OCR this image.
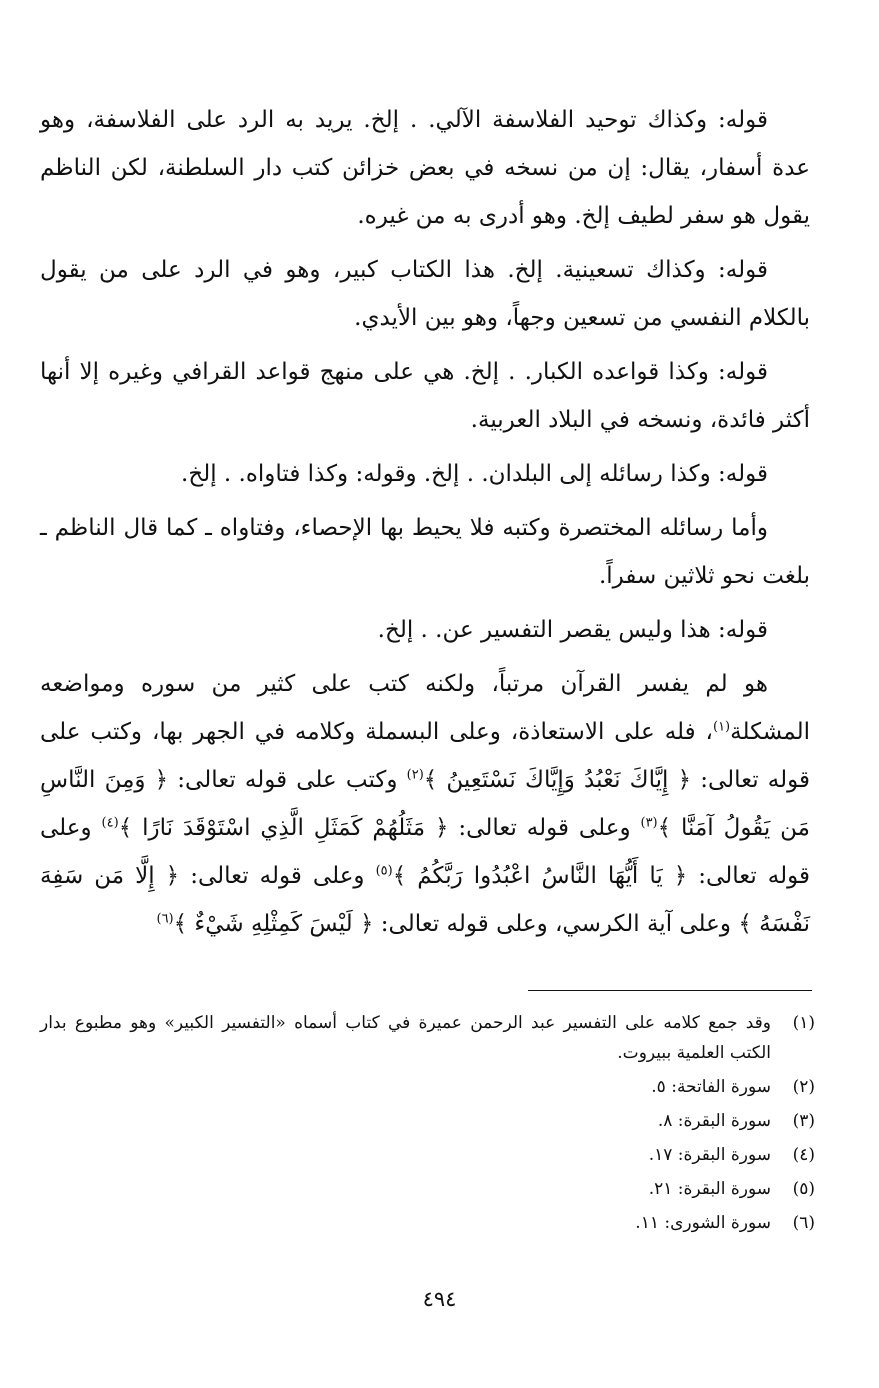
قوله: وكذاك توحيد الفلاسفة الآلي. . إلخ. يريد به الرد على الفلاسفة، وهو عدة أسفار، يقال: إن من نسخه في بعض خزائن كتب دار السلطنة، لكن الناظم يقول هو سفر لطيف إلخ. وهو أدرى به من غيره.

قوله: وكذاك تسعينية. إلخ. هذا الكتاب كبير، وهو في الرد على من يقول بالكلام النفسي من تسعين وجهاً، وهو بين الأيدي.

قوله: وكذا قواعده الكبار. . إلخ. هي على منهج قواعد القرافي وغيره إلا أنها أكثر فائدة، ونسخه في البلاد العربية.

قوله: وكذا رسائله إلى البلدان. . إلخ. وقوله: وكذا فتاواه. . إلخ.

وأما رسائله المختصرة وكتبه فلا يحيط بها الإحصاء، وفتاواه ـ كما قال الناظم ـ بلغت نحو ثلاثين سفراً.

قوله: هذا وليس يقصر التفسير عن. . إلخ.

هو لم يفسر القرآن مرتباً، ولكنه كتب على كثير من سوره ومواضعه المشكلة$^{(١)}$، فله على الاستعاذة، وعلى البسملة وكلامه في الجهر بها، وكتب على قوله تعالى: ﴿ إِيَّاكَ نَعْبُدُ وَإِيَّاكَ نَسْتَعِينُ ﴾$^{(٢)}$ وكتب على قوله تعالى: ﴿ وَمِنَ النَّاسِ مَن يَقُولُ آمَنَّا ﴾$^{(٣)}$ وعلى قوله تعالى: ﴿ مَثَلُهُمْ كَمَثَلِ الَّذِي اسْتَوْقَدَ نَارًا ﴾$^{(٤)}$ وعلى قوله تعالى: ﴿ يَا أَيُّهَا النَّاسُ اعْبُدُوا رَبَّكُمُ ﴾$^{(٥)}$ وعلى قوله تعالى: ﴿ إِلَّا مَن سَفِهَ نَفْسَهُ ﴾ وعلى آية الكرسي، وعلى قوله تعالى: ﴿ لَيْسَ كَمِثْلِهِ شَيْءٌ ﴾$^{(٦)}$

(١)
وقد جمع كلامه على التفسير عبد الرحمن عميرة في كتاب أسماه «التفسير الكبير» وهو مطبوع بدار الكتب العلمية ببيروت.
(٢)
سورة الفاتحة: ٥.
(٣)
سورة البقرة: ٨.
(٤)
سورة البقرة: ١٧.
(٥)
سورة البقرة: ٢١.
(٦)
سورة الشورى: ١١.
٤٩٤
